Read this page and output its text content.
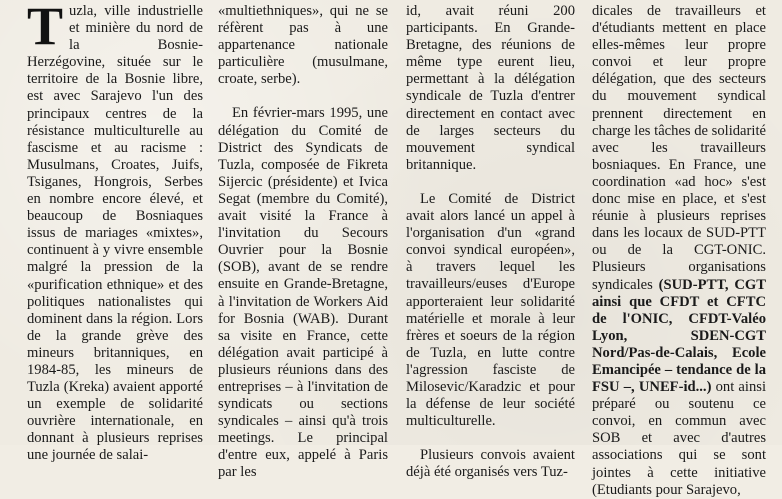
Tuzla, ville industrielle et minière du nord de la Bosnie-Herzégovine, située sur le territoire de la Bosnie libre, est avec Sarajevo l'un des principaux centres de la résistance multiculturelle au fascisme et au racisme : Musulmans, Croates, Juifs, Tsiganes, Hongrois, Serbes en nombre encore élevé, et beaucoup de Bosniaques issus de mariages «mixtes», continuent à y vivre ensemble malgré la pression de la «purification ethnique» et des politiques nationalistes qui dominent dans la région. Lors de la grande grève des mineurs britanniques, en 1984-85, les mineurs de Tuzla (Kreka) avaient apporté un exemple de solidarité ouvrière internationale, en donnant à plusieurs reprises une journée de salai-

«multiethniques», qui ne se réfèrent pas à une appartenance nationale particulière (musulmane, croate, serbe).

En février-mars 1995, une délégation du Comité de District des Syndicats de Tuzla, composée de Fikreta Sijercic (présidente) et Ivica Segat (membre du Comité), avait visité la France à l'invitation du Secours Ouvrier pour la Bosnie (SOB), avant de se rendre ensuite en Grande-Bretagne, à l'invitation de Workers Aid for Bosnia (WAB). Durant sa visite en France, cette délégation avait participé à plusieurs réunions dans des entreprises – à l'invitation de syndicats ou sections syndicales – ainsi qu'à trois meetings. Le principal d'entre eux, appelé à Paris par les

id, avait réuni 200 participants. En Grande-Bretagne, des réunions de même type eurent lieu, permettant à la délégation syndicale de Tuzla d'entrer directement en contact avec de larges secteurs du mouvement syndical britannique.

Le Comité de District avait alors lancé un appel à l'organisation d'un «grand convoi syndical européen», à travers lequel les travailleurs/euses d'Europe apporteraient leur solidarité matérielle et morale à leur frères et soeurs de la région de Tuzla, en lutte contre l'agression fasciste de Milosevic/Karadzic et pour la défense de leur société multiculturelle.

Plusieurs convois avaient déjà été organisés vers Tuz-

dicales de travailleurs et d'étudiants mettent en place elles-mêmes leur propre convoi et leur propre délégation, que des secteurs du mouvement syndical prennent directement en charge les tâches de solidarité avec les travailleurs bosniaques. En France, une coordination «ad hoc» s'est donc mise en place, et s'est réunie à plusieurs reprises dans les locaux de SUD-PTT ou de la CGT-ONIC. Plusieurs organisations syndicales (SUD-PTT, CGT ainsi que CFDT et CFTC de l'ONIC, CFDT-Valéo Lyon, SDEN-CGT Nord/Pas-de-Calais, Ecole Emancipée – tendance de la FSU –, UNEF-id...) ont ainsi préparé ou soutenu ce convoi, en commun avec SOB et avec d'autres associations qui se sont jointes à cette initiative (Etudiants pour Sarajevo,
